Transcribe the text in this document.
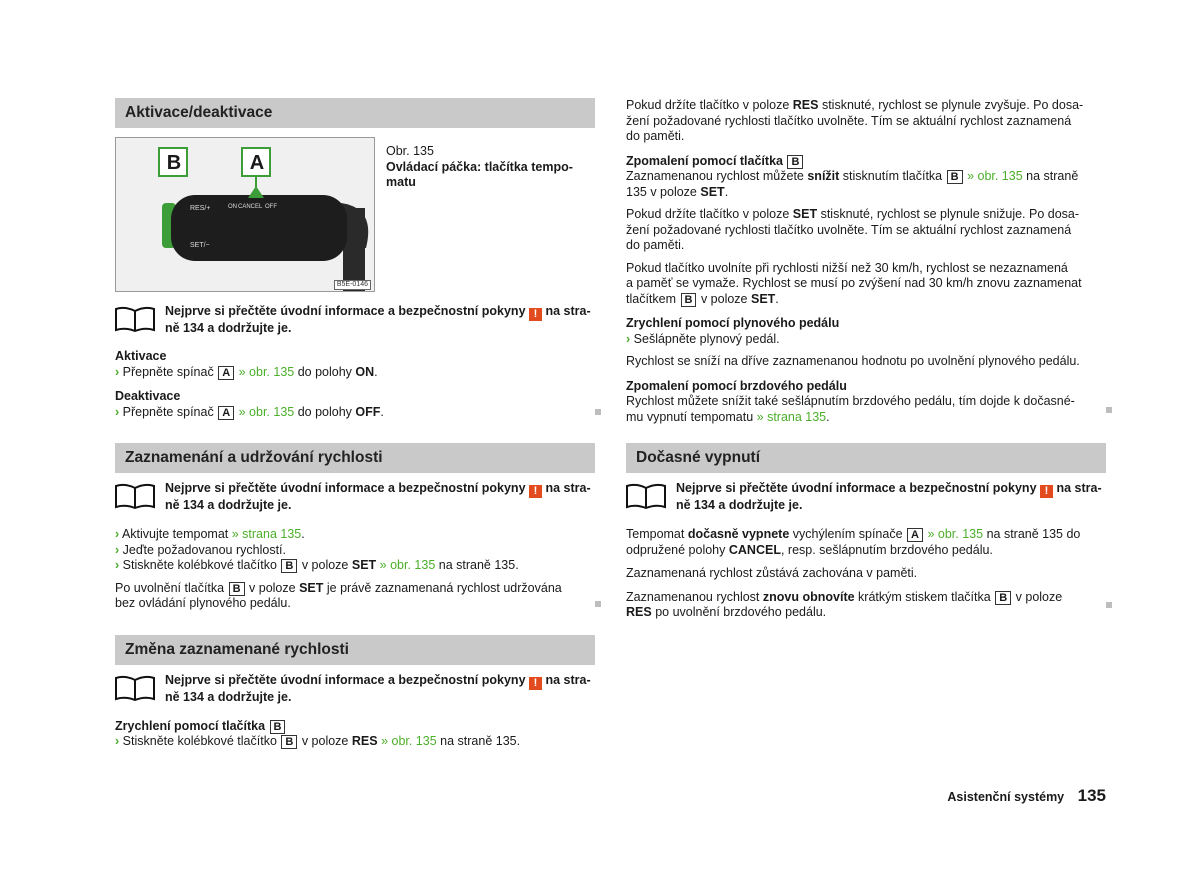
Aktivace/deaktivace
B	A
ON CANCEL OFF
RES/+
SET/−
B5E-0146
Obr. 135
Ovládací páčka: tlačítka tempo-
matu
Nejprve si přečtěte úvodní informace a bezpečnostní pokyny ! na stra-
ně 134 a dodržujte je.
Aktivace
› Přepněte spínač A » obr. 135 do polohy ON.
Deaktivace
› Přepněte spínač A » obr. 135 do polohy OFF.
Zaznamenání a udržování rychlosti
Nejprve si přečtěte úvodní informace a bezpečnostní pokyny ! na stra-
ně 134 a dodržujte je.
› Aktivujte tempomat » strana 135.
› Jeďte požadovanou rychlostí.
› Stiskněte kolébkové tlačítko B v poloze SET » obr. 135 na straně 135.
Po uvolnění tlačítka B v poloze SET je právě zaznamenaná rychlost udržována
bez ovládání plynového pedálu.
Změna zaznamenané rychlosti
Nejprve si přečtěte úvodní informace a bezpečnostní pokyny ! na stra-
ně 134 a dodržujte je.
Zrychlení pomocí tlačítka B
› Stiskněte kolébkové tlačítko B v poloze RES » obr. 135 na straně 135.
Pokud držíte tlačítko v poloze RES stisknuté, rychlost se plynule zvyšuje. Po dosa-
žení požadované rychlosti tlačítko uvolněte. Tím se aktuální rychlost zaznamená
do paměti.
Zpomalení pomocí tlačítka B
Zaznamenanou rychlost můžete snížit stisknutím tlačítka B » obr. 135 na straně
135 v poloze SET.
Pokud držíte tlačítko v poloze SET stisknuté, rychlost se plynule snižuje. Po dosa-
žení požadované rychlosti tlačítko uvolněte. Tím se aktuální rychlost zaznamená
do paměti.
Pokud tlačítko uvolníte při rychlosti nižší než 30 km/h, rychlost se nezaznamená
a paměť se vymaže. Rychlost se musí po zvýšení nad 30 km/h znovu zaznamenat
tlačítkem B v poloze SET.
Zrychlení pomocí plynového pedálu
› Sešlápněte plynový pedál.
Rychlost se sníží na dříve zaznamenanou hodnotu po uvolnění plynového pedálu.
Zpomalení pomocí brzdového pedálu
Rychlost můžete snížit také sešlápnutím brzdového pedálu, tím dojde k dočasné-
mu vypnutí tempomatu » strana 135.
Dočasné vypnutí
Nejprve si přečtěte úvodní informace a bezpečnostní pokyny ! na stra-
ně 134 a dodržujte je.
Tempomat dočasně vypnete vychýlením spínače A » obr. 135 na straně 135 do
odpružené polohy CANCEL, resp. sešlápnutím brzdového pedálu.
Zaznamenaná rychlost zůstává zachována v paměti.
Zaznamenanou rychlost znovu obnovíte krátkým stiskem tlačítka B v poloze
RES po uvolnění brzdového pedálu.
Asistenční systémy 135
